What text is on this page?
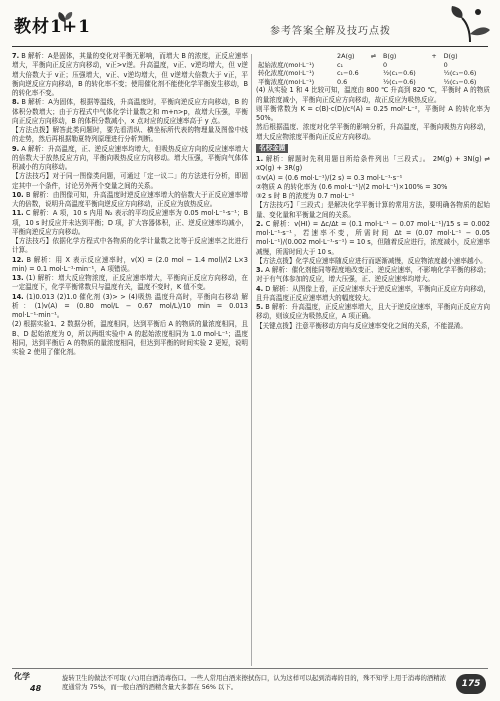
教材1+1	参考答案全解及技巧点拨

7. B 解析：A是固体，其量的变化对平衡无影响，而增大 B 的浓度，正反应速率增大，平衡向正反应方向移动，v正>v逆。升高温度，v正、v逆均增大，但 v逆增大倍数大于 v正；压强增大，v正、v逆均增大，但 v逆增大倍数大于 v正，平衡向逆反应方向移动，B 的转化率不变；使用催化剂不能使化学平衡发生移动，B 的转化率不变。

8. B 解析：A为固体，根据等温线，升高温度时，平衡向逆反应方向移动，B 的体积分数增大；由于方程式中气体化学计量数之和 m+n>p，故增大压强，平衡向正反应方向移动，B 的体积分数减小，x 点对应的反应速率高于 y 点。

【方法点拨】解答此类问题时，要先看清纵、横坐标所代表的物理量及图像中线的走势，然后再根据勒夏特列原理进行分析判断。

9. A 解析：升高温度，正、逆反应速率均增大，但吸热反应方向的反应速率增大的倍数大于放热反应方向，平衡向吸热反应方向移动。增大压强，平衡向气体体积减小的方向移动。

【方法技巧】对于同一图像类问题，可通过「定一议二」的方法进行分析，即固定其中一个条件，讨论另外两个变量之间的关系。

10. B 解析：由图像可知，升高温度时逆反应速率增大的倍数大于正反应速率增大的倍数，说明升高温度平衡向逆反应方向移动，正反应为放热反应。

11. C 解析：A 项，10 s 内用 N₂ 表示的平均反应速率为 0.05 mol·L⁻¹·s⁻¹；B 项，10 s 时反应并未达到平衡；D 项，扩大容器体积，正、逆反应速率均减小，平衡向逆反应方向移动。

【方法技巧】依据化学方程式中各物质的化学计量数之比等于反应速率之比进行计算。

12. B 解析：用 X 表示反应速率时，v(X) = (2.0 mol − 1.4 mol)/(2 L×3 min) = 0.1 mol·L⁻¹·min⁻¹，A 项错误。

13. (1) 解析：增大反应物浓度，正反应速率增大，平衡向正反应方向移动，在一定温度下，化学平衡常数只与温度有关，温度不变时，K 值不变。

14. (1)0.013 (2)1.0 催化剂 (3)> > (4)吸热 温度升高时，平衡向右移动 解析：(1)v(A) = (0.80 mol/L − 0.67 mol/L)/10 min = 0.013 mol·L⁻¹·min⁻¹。

(2) 根据实验1、2 数据分析，温度相同，达到平衡后 A 的物质的量浓度相同，且 B、D 起始浓度为 0，所以两组实验中 A 的起始浓度相同为 1.0 mol·L⁻¹；温度相同，达到平衡后 A 的物质的量浓度相同，但达到平衡的时间实验 2 更短，说明实验 2 使用了催化剂。

	2A(g)	⇌	B(g)	+	D(g)
起始浓度/(mol·L⁻¹)	c₁		0		0
转化浓度/(mol·L⁻¹)	c₁−0.6		½(c₁−0.6)		½(c₁−0.6)
平衡浓度/(mol·L⁻¹)	0.6		½(c₁−0.6)		½(c₁−0.6)

(4) 从实验 1 和 4 比较可知，温度由 800 ℃ 升高到 820 ℃，平衡时 A 的物质的量浓度减小，平衡向正反应方向移动，故正反应为吸热反应。

则平衡常数为 K = c(B)·c(D)/c²(A) = 0.25 mol²·L⁻²，平衡时 A 的转化率为 50%。

然后根据温度、浓度对化学平衡的影响分析，升高温度，平衡向吸热方向移动，增大反应物浓度平衡向正反应方向移动。

名校金题

1. 解析：解题时先利用题目所给条件列出「三段式」。 2M(g) + 3N(g) ⇌ xQ(g) + 3R(g)

①v(A) = (0.6 mol·L⁻¹)/(2 s) = 0.3 mol·L⁻¹·s⁻¹

②物质 A 的转化率为 (0.6 mol·L⁻¹)/(2 mol·L⁻¹)×100% = 30%

③2 s 时 B 的浓度为 0.7 mol·L⁻¹

【方法技巧】「三段式」是解决化学平衡计算的常用方法，要明确各物质的起始量、变化量和平衡量之间的关系。

2. C 解析：v(HI) = Δc/Δt = (0.1 mol·L⁻¹ − 0.07 mol·L⁻¹)/15 s = 0.002 mol·L⁻¹·s⁻¹，若速率不变，所需时间 Δt = (0.07 mol·L⁻¹ − 0.05 mol·L⁻¹)/(0.002 mol·L⁻¹·s⁻¹) = 10 s，但随着反应进行，浓度减小，反应速率减慢，所需时间大于 10 s。

【方法点拨】化学反应速率随反应进行而逐渐减慢，反应物浓度越小速率越小。

3. A 解析：催化剂能同等程度地改变正、逆反应速率，不影响化学平衡的移动；对于有气体参加的反应，增大压强，正、逆反应速率均增大。

4. D 解析：从图像上看，正反应速率大于逆反应速率，平衡向正反应方向移动，且升高温度正反应速率增大的幅度较大。

5. B 解析：升高温度，正反应速率增大，且大于逆反应速率，平衡向正反应方向移动，则该反应为吸热反应，A 项正确。

【关键点拨】注意平衡移动方向与反应速率变化之间的关系，不能混淆。

化学
48
旋转卫生的做法不可取 (六)用白酒消毒伤口。一些人常用白酒来擦拭伤口，认为这样可以起到消毒的目的，殊不知学上用于消毒的酒精浓度通常为 75%，而一般白酒的酒精含量大多都在 56% 以下。	175
